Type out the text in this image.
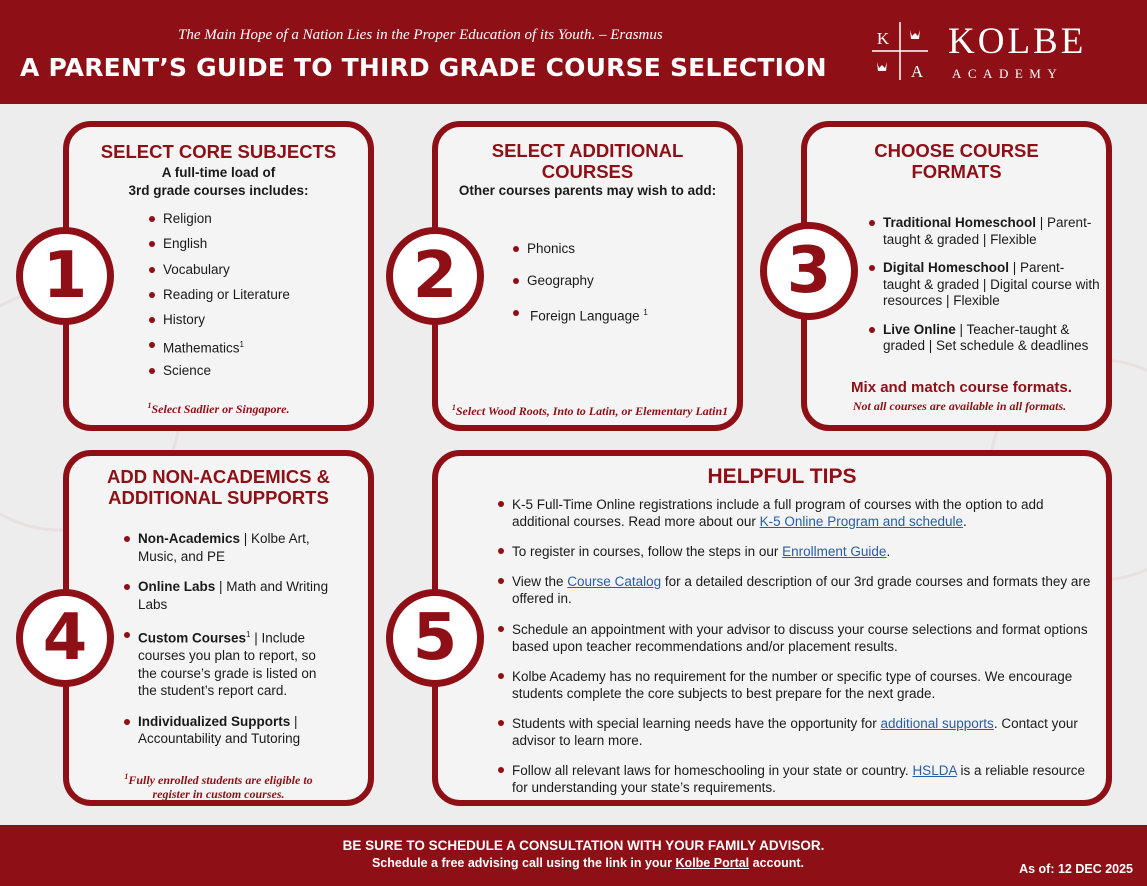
The Main Hope of a Nation Lies in the Proper Education of its Youth. – Erasmus
A PARENT’S GUIDE TO THIRD GRADE COURSE SELECTION
K
A
KOLBE
ACADEMY
SELECT CORE SUBJECTS
A full-time load of
3rd grade courses includes:
Religion
English
Vocabulary
Reading or Literature
History
Mathematics$^1$
Science
$^1$Select Sadlier or Singapore.
SELECT ADDITIONAL
COURSES
Other courses parents may wish to add:
Phonics
Geography
Foreign Language $^1$
$^1$Select Wood Roots, Into to Latin, or Elementary Latin1
CHOOSE COURSE
FORMATS
Traditional Homeschool | Parent-taught & graded | Flexible
Digital Homeschool | Parent-taught & graded | Digital course with resources | Flexible
Live Online | Teacher-taught & graded | Set schedule & deadlines
Mix and match course formats.
Not all courses are available in all formats.
ADD NON-ACADEMICS &
ADDITIONAL SUPPORTS
Non-Academics | Kolbe Art, Music, and PE
Online Labs | Math and Writing Labs
Custom Courses$^1$ | Include courses you plan to report, so the course’s grade is listed on the student’s report card.
Individualized Supports | Accountability and Tutoring
$^1$Fully enrolled students are eligible to
register in custom courses.
HELPFUL TIPS
K-5 Full-Time Online registrations include a full program of courses with the option to add additional courses. Read more about our K-5 Online Program and schedule.
To register in courses, follow the steps in our Enrollment Guide.
View the Course Catalog for a detailed description of our 3rd grade courses and formats they are offered in.
Schedule an appointment with your advisor to discuss your course selections and format options based upon teacher recommendations and/or placement results.
Kolbe Academy has no requirement for the number or specific type of courses. We encourage students complete the core subjects to best prepare for the next grade.
Students with special learning needs have the opportunity for additional supports. Contact your advisor to learn more.
Follow all relevant laws for homeschooling in your state or country. HSLDA is a reliable resource for understanding your state’s requirements.
1	2	3
4	5
BE SURE TO SCHEDULE A CONSULTATION WITH YOUR FAMILY ADVISOR.
Schedule a free advising call using the link in your Kolbe Portal account.	As of: 12 DEC 2025
